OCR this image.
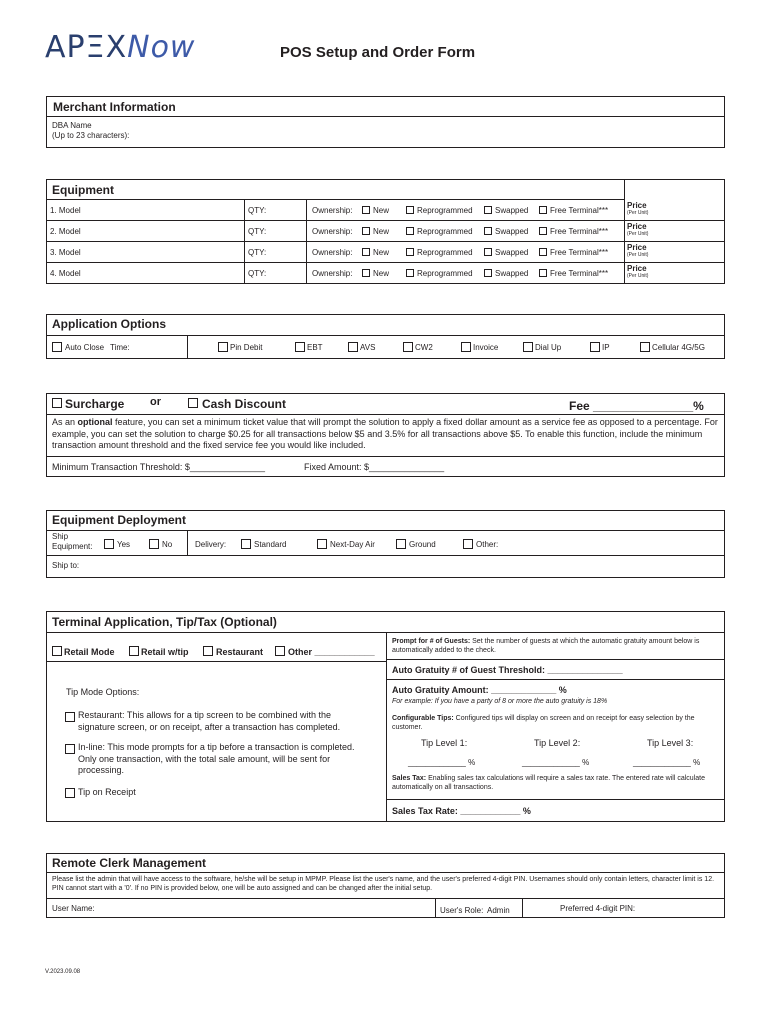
APΞXNow	POS Setup and Order Form
Merchant Information
DBA Name
(Up to 23 characters):
Equipment
1. Model	QTY:	Ownership:	New	Reprogrammed	Swapped	Free Terminal***
Price
(Per Unit)
2. Model	QTY:	Ownership:	New	Reprogrammed	Swapped	Free Terminal***
Price
(Per Unit)
3. Model	QTY:	Ownership:	New	Reprogrammed	Swapped	Free Terminal***
Price
(Per Unit)
4. Model	QTY:	Ownership:	New	Reprogrammed	Swapped	Free Terminal***
Price
(Per Unit)
Application Options
Auto Close Time:	Pin Debit	EBT	AVS	CW2	Invoice	Dial Up	IP	Cellular 4G/5G
Surcharge or	Cash Discount	Fee _______________%
As an optional feature, you can set a minimum ticket value that will prompt the solution to apply a fixed dollar amount as a service fee as opposed to a percentage. For example, you can set the solution to charge $0.25 for all transactions below $5 and 3.5% for all transactions above $5. To enable this function, include the minimum transaction amount threshold and the fixed service fee you would like included.
Minimum Transaction Threshold: $_______________	Fixed Amount: $_______________
Equipment Deployment
Ship Equipment:	Yes	No	Delivery:	Standard	Next-Day Air	Ground	Other:
Ship to:
Terminal Application, Tip/Tax (Optional)
Retail Mode	Retail w/tip	Restaurant	Other ____________
Tip Mode Options:
Restaurant: This allows for a tip screen to be combined with the signature screen, or on receipt, after a transaction has completed.
In-line: This mode prompts for a tip before a transaction is completed. Only one transaction, with the total sale amount, will be sent for processing.
Tip on Receipt
Prompt for # of Guests: Set the number of guests at which the automatic gratuity amount below is automatically added to the check.
Auto Gratuity # of Guest Threshold: _______________
Auto Gratuity Amount: _____________ %
For example: If you have a party of 8 or more the auto gratuity is 18%
Configurable Tips: Configured tips will display on screen and on receipt for easy selection by the customer.
Tip Level 1:	Tip Level 2:	Tip Level 3:
_____________ %	_____________ %	_____________ %
Sales Tax: Enabling sales tax calculations will require a sales tax rate. The entered rate will calculate automatically on all transactions.
Sales Tax Rate: ____________ %
Remote Clerk Management
Please list the admin that will have access to the software, he/she will be setup in MPMP. Please list the user's name, and the user's preferred 4-digit PIN. Usernames should only contain letters, character limit is 12. PIN cannot start with a '0'. If no PIN is provided below, one will be auto assigned and can be changed after the initial setup.
User Name:	User's Role: Admin	Preferred 4-digit PIN:
V.2023.09.08
